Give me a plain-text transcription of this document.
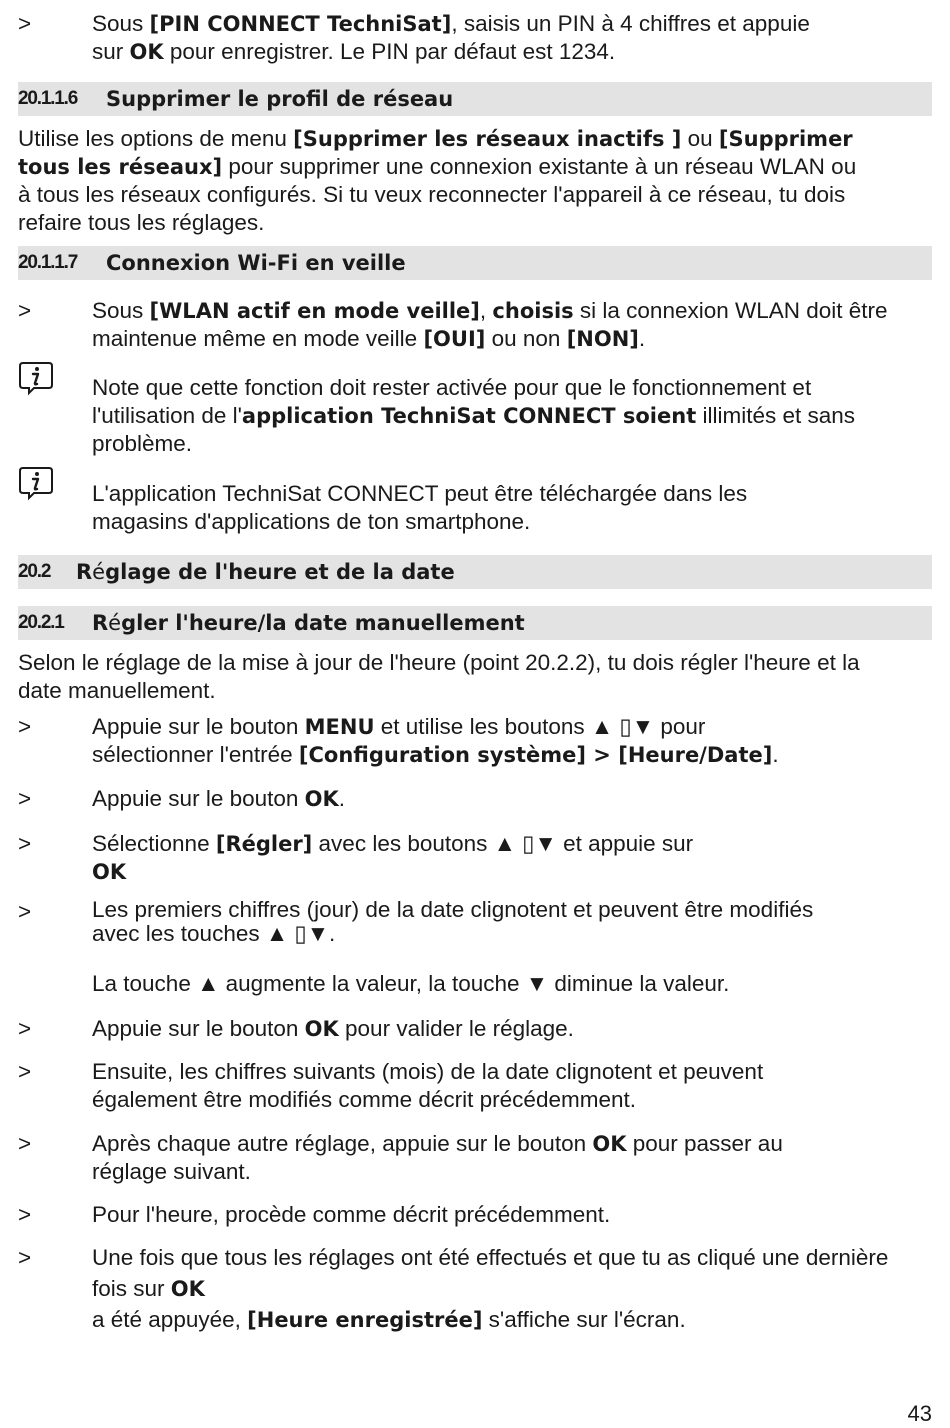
>	Sous [PIN CONNECT TechniSat], saisis un PIN à 4 chiffres et appuie
sur OK pour enregistrer. Le PIN par défaut est 1234.
20.1.1.6 Supprimer le profil de réseau
Utilise les options de menu [Supprimer les réseaux inactifs ] ou [Supprimer
tous les réseaux] pour supprimer une connexion existante à un réseau WLAN ou
à tous les réseaux configurés. Si tu veux reconnecter l'appareil à ce réseau, tu dois
refaire tous les réglages.
20.1.1.7 Connexion Wi-Fi en veille
>	Sous [WLAN actif en mode veille], choisis si la connexion WLAN doit être
maintenue même en mode veille [OUI] ou non [NON].
Note que cette fonction doit rester activée pour que le fonctionnement et
l'utilisation de l'application TechniSat CONNECT soient illimités et sans
problème.
L'application TechniSat CONNECT peut être téléchargée dans les
magasins d'applications de ton smartphone.
20.2 Réglage de l'heure et de la date
20.2.1 Régler l'heure/la date manuellement
Selon le réglage de la mise à jour de l'heure (point 20.2.2), tu dois régler l'heure et la
date manuellement.
>	Appuie sur le bouton MENU et utilise les boutons ▲ ▯▼ pour
sélectionner l'entrée [Configuration système] > [Heure/Date].
>	Appuie sur le bouton OK.
>	Sélectionne [Régler] avec les boutons ▲ ▯▼ et appuie sur
OK
>	Les premiers chiffres (jour) de la date clignotent et peuvent être modifiés
avec les touches ▲ ▯▼.
La touche ▲ augmente la valeur, la touche ▼ diminue la valeur.
>	Appuie sur le bouton OK pour valider le réglage.
>	Ensuite, les chiffres suivants (mois) de la date clignotent et peuvent
également être modifiés comme décrit précédemment.
>	Après chaque autre réglage, appuie sur le bouton OK pour passer au
réglage suivant.
>	Pour l'heure, procède comme décrit précédemment.
>	Une fois que tous les réglages ont été effectués et que tu as cliqué une dernière
fois sur OK
a été appuyée, [Heure enregistrée] s'affiche sur l'écran.
43
